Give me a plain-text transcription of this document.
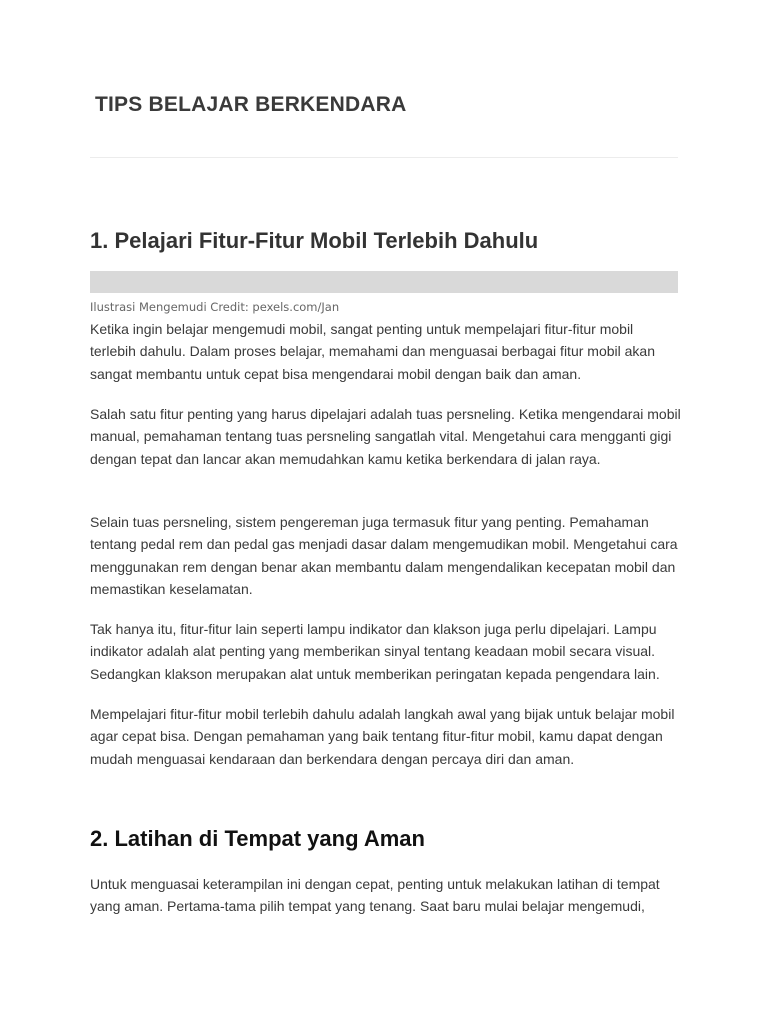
TIPS BELAJAR BERKENDARA
1. Pelajari Fitur-Fitur Mobil Terlebih Dahulu
Ilustrasi Mengemudi Credit: pexels.com/Jan

Ketika ingin belajar mengemudi mobil, sangat penting untuk mempelajari fitur-fitur mobil terlebih dahulu. Dalam proses belajar, memahami dan menguasai berbagai fitur mobil akan sangat membantu untuk cepat bisa mengendarai mobil dengan baik dan aman.

Salah satu fitur penting yang harus dipelajari adalah tuas persneling. Ketika mengendarai mobil manual, pemahaman tentang tuas persneling sangatlah vital. Mengetahui cara mengganti gigi dengan tepat dan lancar akan memudahkan kamu ketika berkendara di jalan raya.

Selain tuas persneling, sistem pengereman juga termasuk fitur yang penting. Pemahaman tentang pedal rem dan pedal gas menjadi dasar dalam mengemudikan mobil. Mengetahui cara menggunakan rem dengan benar akan membantu dalam mengendalikan kecepatan mobil dan memastikan keselamatan.

Tak hanya itu, fitur-fitur lain seperti lampu indikator dan klakson juga perlu dipelajari. Lampu indikator adalah alat penting yang memberikan sinyal tentang keadaan mobil secara visual. Sedangkan klakson merupakan alat untuk memberikan peringatan kepada pengendara lain.

Mempelajari fitur-fitur mobil terlebih dahulu adalah langkah awal yang bijak untuk belajar mobil agar cepat bisa. Dengan pemahaman yang baik tentang fitur-fitur mobil, kamu dapat dengan mudah menguasai kendaraan dan berkendara dengan percaya diri dan aman.

2. Latihan di Tempat yang Aman

Untuk menguasai keterampilan ini dengan cepat, penting untuk melakukan latihan di tempat yang aman. Pertama-tama pilih tempat yang tenang. Saat baru mulai belajar mengemudi,
